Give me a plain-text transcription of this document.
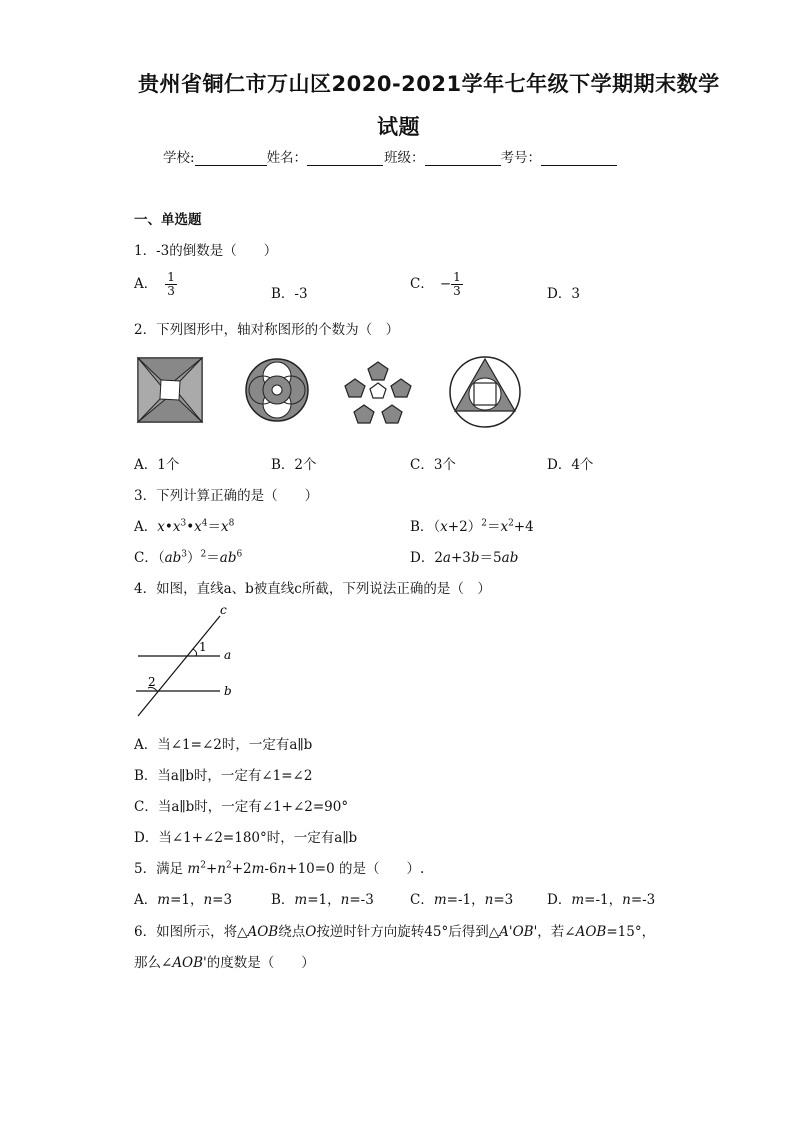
贵州省铜仁市万山区2020-2021学年七年级下学期期末数学
试题
学校:	姓名：	班级：	考号：
一、单选题
1．-3的倒数是（　　）
A． $\frac{1}{3}$	B．-3
C． − $\frac{1}{3}$	D．3
2．下列图形中，轴对称图形的个数为（　）
A．1个	B．2个	C．3个	D．4个
3．下列计算正确的是（　　）
A．$x•x^3•x^4=x^8$	B．$(x+2)^2=x^2+4$
C．$(ab^3)^2=ab^6$	D．2a+3b＝5ab
4．如图，直线a、b被直线c所截，下列说法正确的是（　）
c
a
b
1
2
A．当∠1=∠2时，一定有a∥b
B．当a∥b时，一定有∠1=∠2
C．当a∥b时，一定有∠1+∠2=90°
D．当∠1+∠2=180°时，一定有a∥b
5．满足 $m^2+n^2+2m-6n+10=0$ 的是（　　）.
A．m=1，n=3	B．m=1，n=-3	C．m=-1，n=3	D．m=-1，n=-3
6．如图所示，将△AOB绕点O按逆时针方向旋转45°后得到△A'OB'，若∠AOB=15°，
那么∠AOB'的度数是（　　）
